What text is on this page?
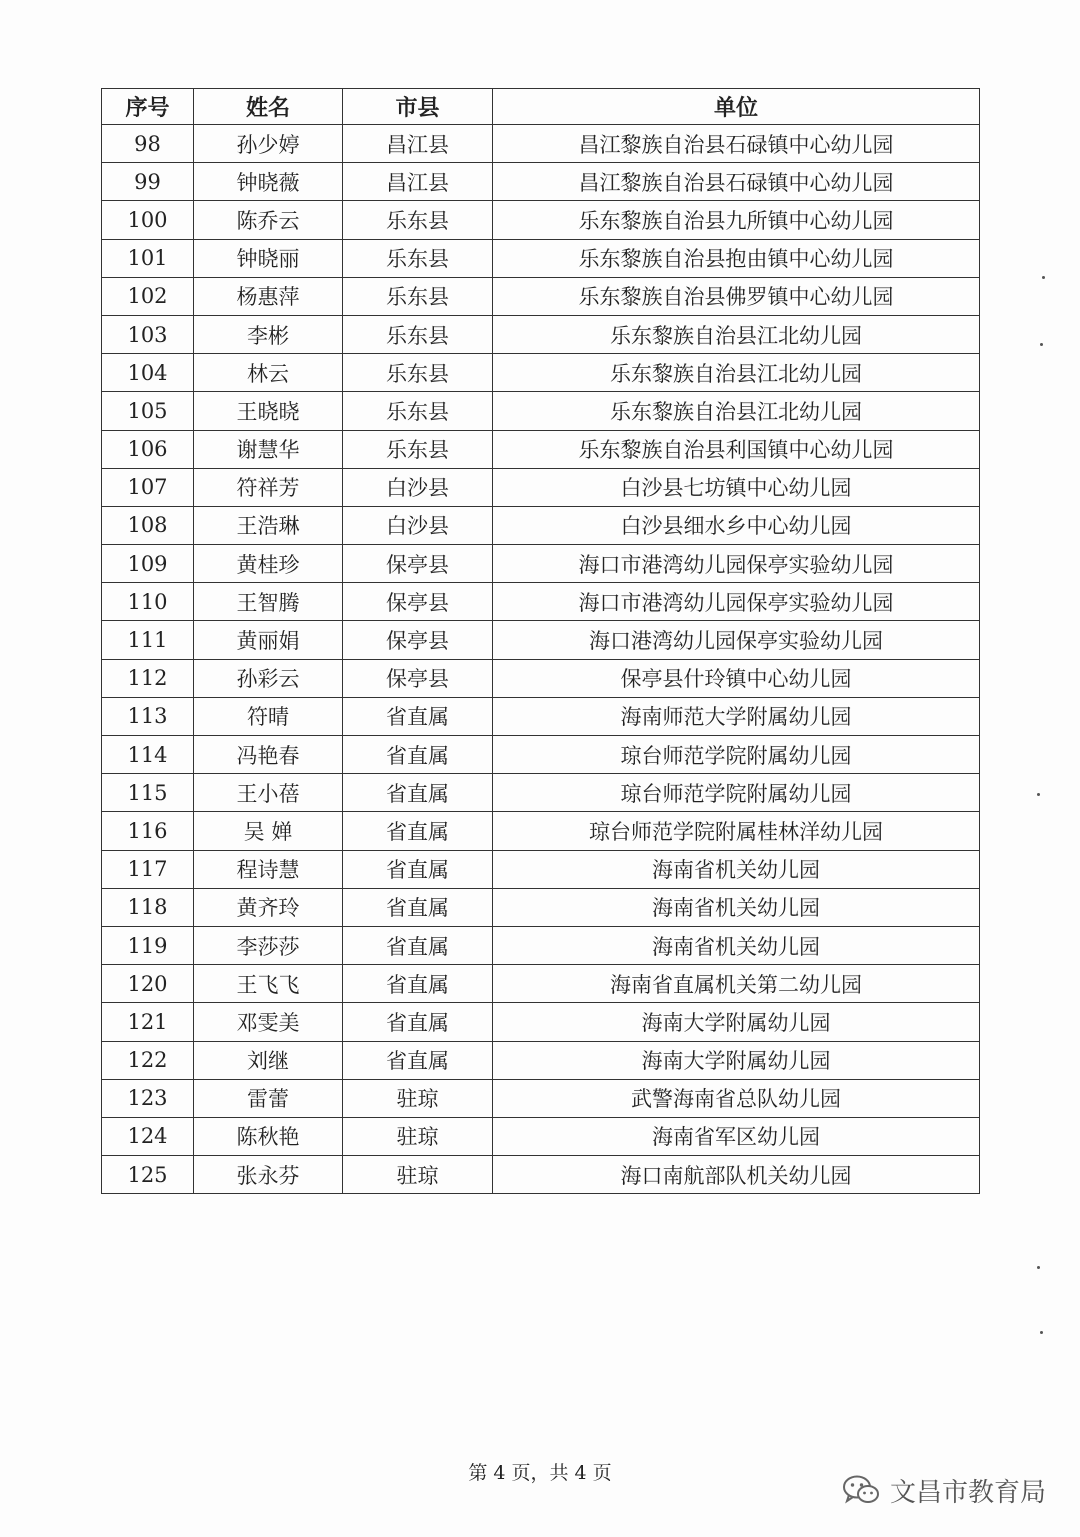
序号	姓名	市县	单位
98	孙少婷	昌江县	昌江黎族自治县石碌镇中心幼儿园
99	钟晓薇	昌江县	昌江黎族自治县石碌镇中心幼儿园
100	陈乔云	乐东县	乐东黎族自治县九所镇中心幼儿园
101	钟晓丽	乐东县	乐东黎族自治县抱由镇中心幼儿园
102	杨惠萍	乐东县	乐东黎族自治县佛罗镇中心幼儿园
103	李彬	乐东县	乐东黎族自治县江北幼儿园
104	林云	乐东县	乐东黎族自治县江北幼儿园
105	王晓晓	乐东县	乐东黎族自治县江北幼儿园
106	谢慧华	乐东县	乐东黎族自治县利国镇中心幼儿园
107	符祥芳	白沙县	白沙县七坊镇中心幼儿园
108	王浩琳	白沙县	白沙县细水乡中心幼儿园
109	黄桂珍	保亭县	海口市港湾幼儿园保亭实验幼儿园
110	王智腾	保亭县	海口市港湾幼儿园保亭实验幼儿园
111	黄丽娟	保亭县	海口港湾幼儿园保亭实验幼儿园
112	孙彩云	保亭县	保亭县什玲镇中心幼儿园
113	符晴	省直属	海南师范大学附属幼儿园
114	冯艳春	省直属	琼台师范学院附属幼儿园
115	王小蓓	省直属	琼台师范学院附属幼儿园
116	吴 婵	省直属	琼台师范学院附属桂林洋幼儿园
117	程诗慧	省直属	海南省机关幼儿园
118	黄齐玲	省直属	海南省机关幼儿园
119	李莎莎	省直属	海南省机关幼儿园
120	王飞飞	省直属	海南省直属机关第二幼儿园
121	邓雯美	省直属	海南大学附属幼儿园
122	刘继	省直属	海南大学附属幼儿园
123	雷蕾	驻琼	武警海南省总队幼儿园
124	陈秋艳	驻琼	海南省军区幼儿园
125	张永芬	驻琼	海口南航部队机关幼儿园
第 4 页，共 4 页
文昌市教育局
